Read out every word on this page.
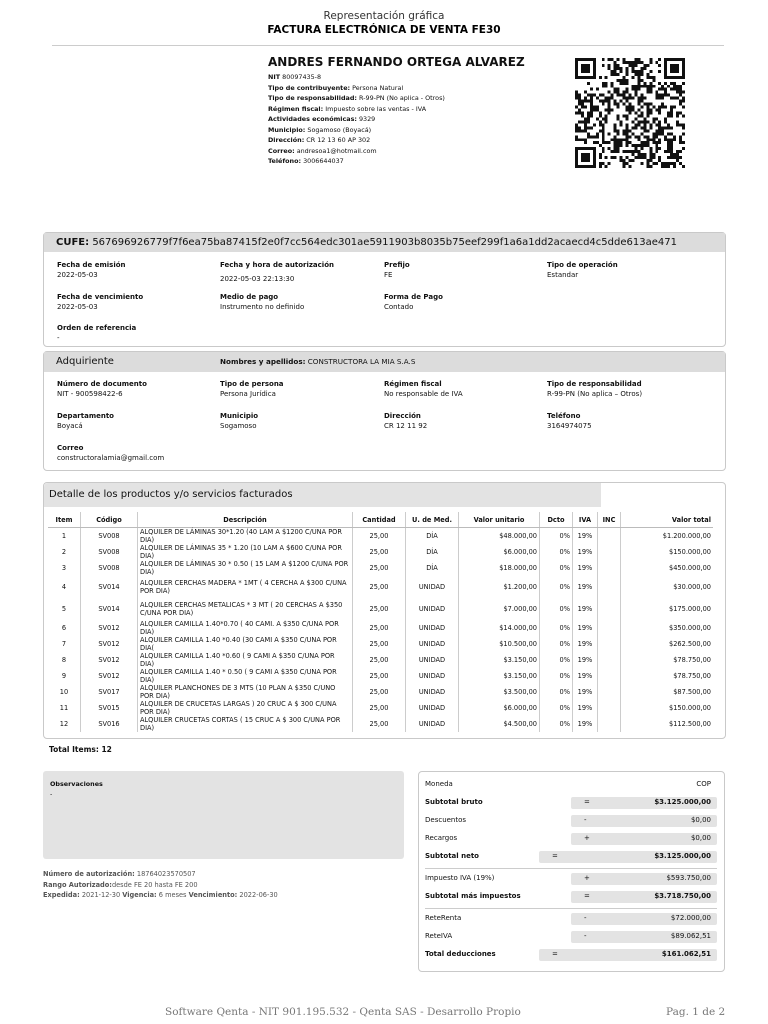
Representación gráfica
FACTURA ELECTRÓNICA DE VENTA FE30
ANDRES FERNANDO ORTEGA ALVAREZ
NIT 80097435-8
Tipo de contribuyente: Persona Natural
Tipo de responsabilidad: R-99-PN (No aplica - Otros)
Régimen fiscal: Impuesto sobre las ventas - IVA
Actividades económicas: 9329
Municipio: Sogamoso (Boyacá)
Dirección: CR 12 13 60 AP 302
Correo: andresoa1@hotmail.com
Teléfono: 3006644037
CUFE: 567696926779f7f6ea75ba87415f2e0f7cc564edc301ae5911903b8035b75eef299f1a6a1dd2acaecd4c5dde613ae471
Fecha de emisión
2022-05-03
Fecha y hora de autorización
2022-05-03 22:13:30
Prefijo
FE
Tipo de operación
Estandar
Fecha de vencimiento
2022-05-03
Medio de pago
Instrumento no definido
Forma de Pago
Contado
Orden de referencia
-
Adquiriente	Nombres y apellidos: CONSTRUCTORA LA MIA S.A.S
Número de documento
NIT - 900598422-6
Tipo de persona
Persona Jurídica
Régimen fiscal
No responsable de IVA
Tipo de responsabilidad
R-99-PN (No aplica – Otros)
Departamento
Boyacá
Municipio
Sogamoso
Dirección
CR 12 11 92
Teléfono
3164974075
Correo
constructoralamia@gmail.com
Detalle de los productos y/o servicios facturados
Item	Código	Descripción	Cantidad	U. de Med.	Valor unitario	Dcto	IVA	INC	Valor total
1	SV008	ALQUILER DE LÁMINAS 30*1.20 (40 LAM A $1200 C/UNA POR DIA)	25,00	DÍA	$48.000,00	0%	19%		$1.200.000,00
2	SV008	ALQUILER DE LÁMINAS 35 * 1.20 (10 LAM A $600 C/UNA POR DIA)	25,00	DÍA	$6.000,00	0%	19%		$150.000,00
3	SV008	ALQUILER DE LÁMINAS 30 * 0.50 ( 15 LAM A $1200 C/UNA POR DIA)	25,00	DÍA	$18.000,00	0%	19%		$450.000,00
4	SV014	ALQUILER CERCHAS MADERA * 1MT ( 4 CERCHA A $300 C/UNA POR DIA)	25,00	UNIDAD	$1.200,00	0%	19%		$30.000,00
5	SV014	ALQUILER CERCHAS METALICAS * 3 MT ( 20 CERCHAS A $350 C/UNA POR DIA)	25,00	UNIDAD	$7.000,00	0%	19%		$175.000,00
6	SV012	ALQUILER CAMILLA 1.40*0.70 ( 40 CAMI. A $350 C/UNA POR DIA)	25,00	UNIDAD	$14.000,00	0%	19%		$350.000,00
7	SV012	ALQUILER CAMILLA 1.40 *0.40 (30 CAMI A $350 C/UNA POR DIA(	25,00	UNIDAD	$10.500,00	0%	19%		$262.500,00
8	SV012	ALQUILER CAMILLA 1.40 *0.60 ( 9 CAMI A $350 C/UNA POR DIA)	25,00	UNIDAD	$3.150,00	0%	19%		$78.750,00
9	SV012	ALQUILER CAMILLA 1.40 * 0.50 ( 9 CAMI A $350 C/UNA POR DIA)	25,00	UNIDAD	$3.150,00	0%	19%		$78.750,00
10	SV017	ALQUILER PLANCHONES DE 3 MTS (10 PLAN A $350 C/UNO POR DIA)	25,00	UNIDAD	$3.500,00	0%	19%		$87.500,00
11	SV015	ALQUILER DE CRUCETAS LARGAS ) 20 CRUC A $ 300 C/UNA POR DIA)	25,00	UNIDAD	$6.000,00	0%	19%		$150.000,00
12	SV016	ALQUILER CRUCETAS CORTAS ( 15 CRUC A $ 300 C/UNA POR DIA)	25,00	UNIDAD	$4.500,00	0%	19%		$112.500,00
Total Items: 12
Observaciones
-
Número de autorización: 18764023570507
Rango Autorizado:desde FE 20 hasta FE 200
Expedida: 2021-12-30 Vigencia: 6 meses Vencimiento: 2022-06-30
Moneda	COP
Subtotal bruto	=	$3.125.000,00
Descuentos	-	$0,00
Recargos	+	$0,00
Subtotal neto	=	$3.125.000,00
Impuesto IVA (19%)	+	$593.750,00
Subtotal más impuestos	=	$3.718.750,00
ReteRenta	-	$72.000,00
ReteIVA	-	$89.062,51
Total deducciones	=	$161.062,51
Software Qenta - NIT 901.195.532 - Qenta SAS - Desarrollo Propio	Pag. 1 de 2
